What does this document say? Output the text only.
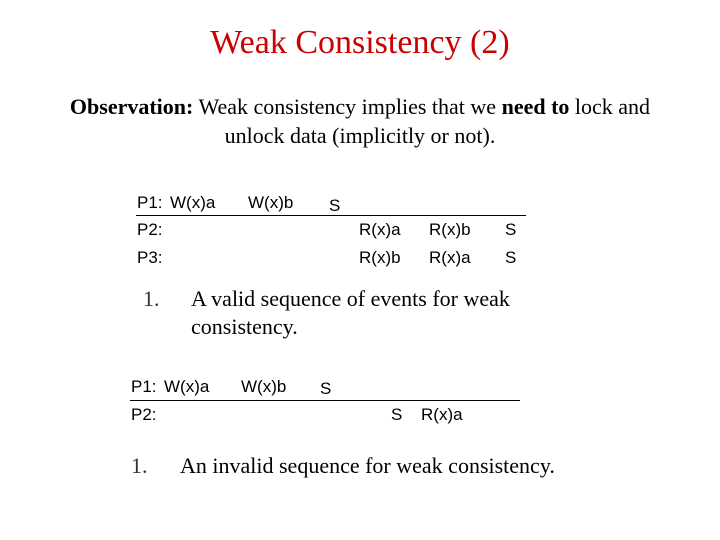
Weak Consistency (2)
Observation: Weak consistency implies that we need to lock and unlock data (implicitly or not).
P1: W(x)a W(x)b S
P2:	R(x)a R(x)b S
P3:	R(x)b R(x)a S
1. A valid sequence of events for weak
consistency.
P1: W(x)a W(x)b S
P2:	S R(x)a
1. An invalid sequence for weak consistency.
